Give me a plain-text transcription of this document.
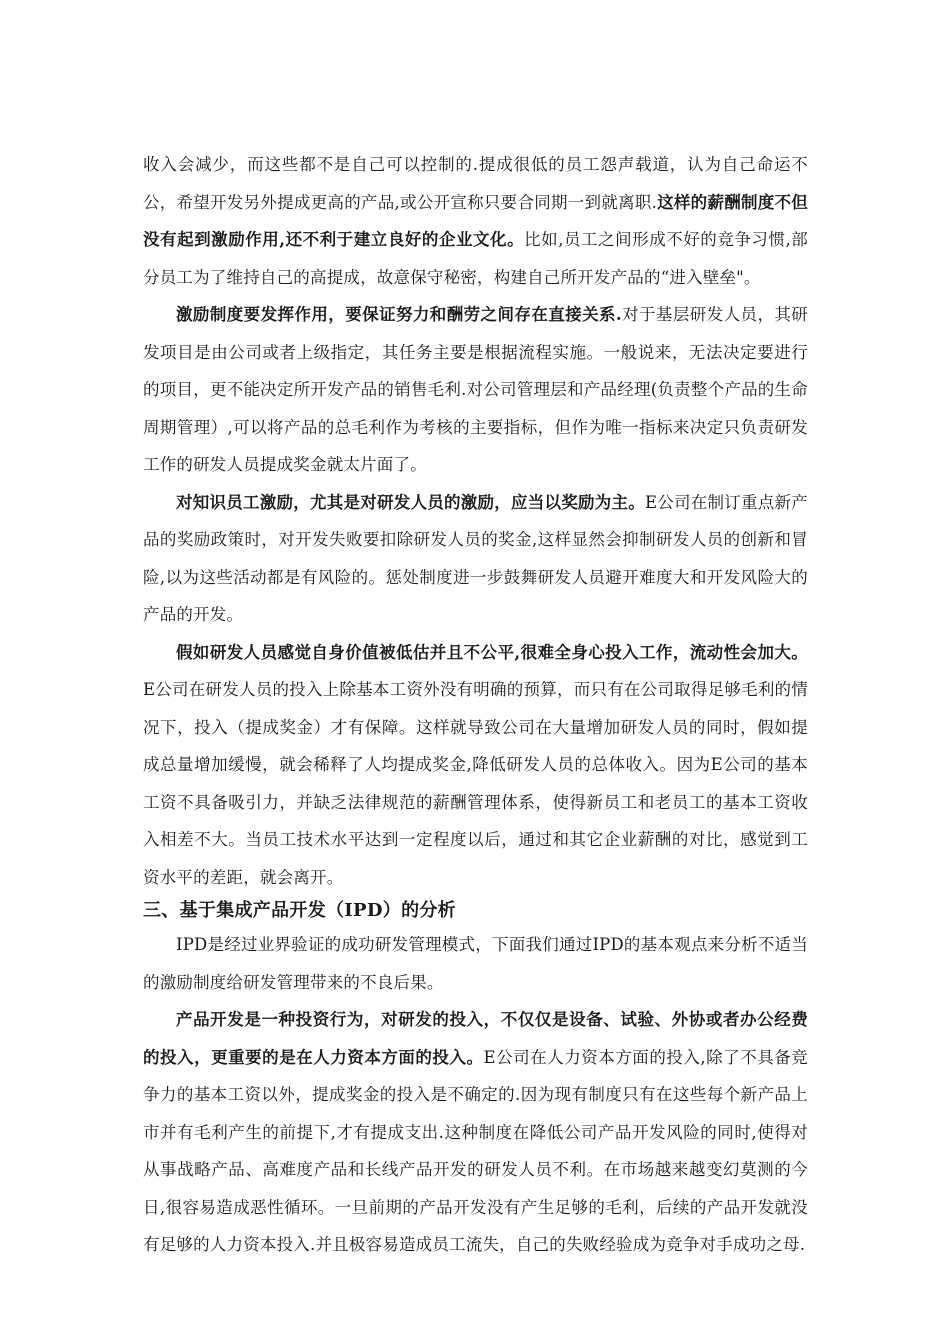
收入会减少，而这些都不是自己可以控制的.提成很低的员工怨声载道，认为自己命运不公，希望开发另外提成更高的产品,或公开宣称只要合同期一到就离职.这样的薪酬制度不但没有起到激励作用,还不利于建立良好的企业文化。比如,员工之间形成不好的竞争习惯,部分员工为了维持自己的高提成，故意保守秘密，构建自己所开发产品的“进入壁垒"。

激励制度要发挥作用，要保证努力和酬劳之间存在直接关系.对于基层研发人员，其研发项目是由公司或者上级指定，其任务主要是根据流程实施。一般说来，无法决定要进行的项目，更不能决定所开发产品的销售毛利.对公司管理层和产品经理(负责整个产品的生命周期管理）,可以将产品的总毛利作为考核的主要指标，但作为唯一指标来决定只负责研发工作的研发人员提成奖金就太片面了。

对知识员工激励，尤其是对研发人员的激励，应当以奖励为主。E公司在制订重点新产品的奖励政策时，对开发失败要扣除研发人员的奖金,这样显然会抑制研发人员的创新和冒险,以为这些活动都是有风险的。惩处制度进一步鼓舞研发人员避开难度大和开发风险大的产品的开发。

假如研发人员感觉自身价值被低估并且不公平,很难全身心投入工作，流动性会加大。E公司在研发人员的投入上除基本工资外没有明确的预算，而只有在公司取得足够毛利的情况下，投入（提成奖金）才有保障。这样就导致公司在大量增加研发人员的同时，假如提成总量增加缓慢，就会稀释了人均提成奖金,降低研发人员的总体收入。因为E公司的基本工资不具备吸引力，并缺乏法律规范的薪酬管理体系，使得新员工和老员工的基本工资收入相差不大。当员工技术水平达到一定程度以后，通过和其它企业薪酬的对比，感觉到工资水平的差距，就会离开。

三、基于集成产品开发（IPD）的分析

IPD是经过业界验证的成功研发管理模式，下面我们通过IPD的基本观点来分析不适当的激励制度给研发管理带来的不良后果。

产品开发是一种投资行为，对研发的投入，不仅仅是设备、试验、外协或者办公经费的投入，更重要的是在人力资本方面的投入。E公司在人力资本方面的投入,除了不具备竞争力的基本工资以外，提成奖金的投入是不确定的.因为现有制度只有在这些每个新产品上市并有毛利产生的前提下,才有提成支出.这种制度在降低公司产品开发风险的同时,使得对从事战略产品、高难度产品和长线产品开发的研发人员不利。在市场越来越变幻莫测的今日,很容易造成恶性循环。一旦前期的产品开发没有产生足够的毛利，后续的产品开发就没有足够的人力资本投入.并且极容易造成员工流失，自己的失败经验成为竞争对手成功之母.
